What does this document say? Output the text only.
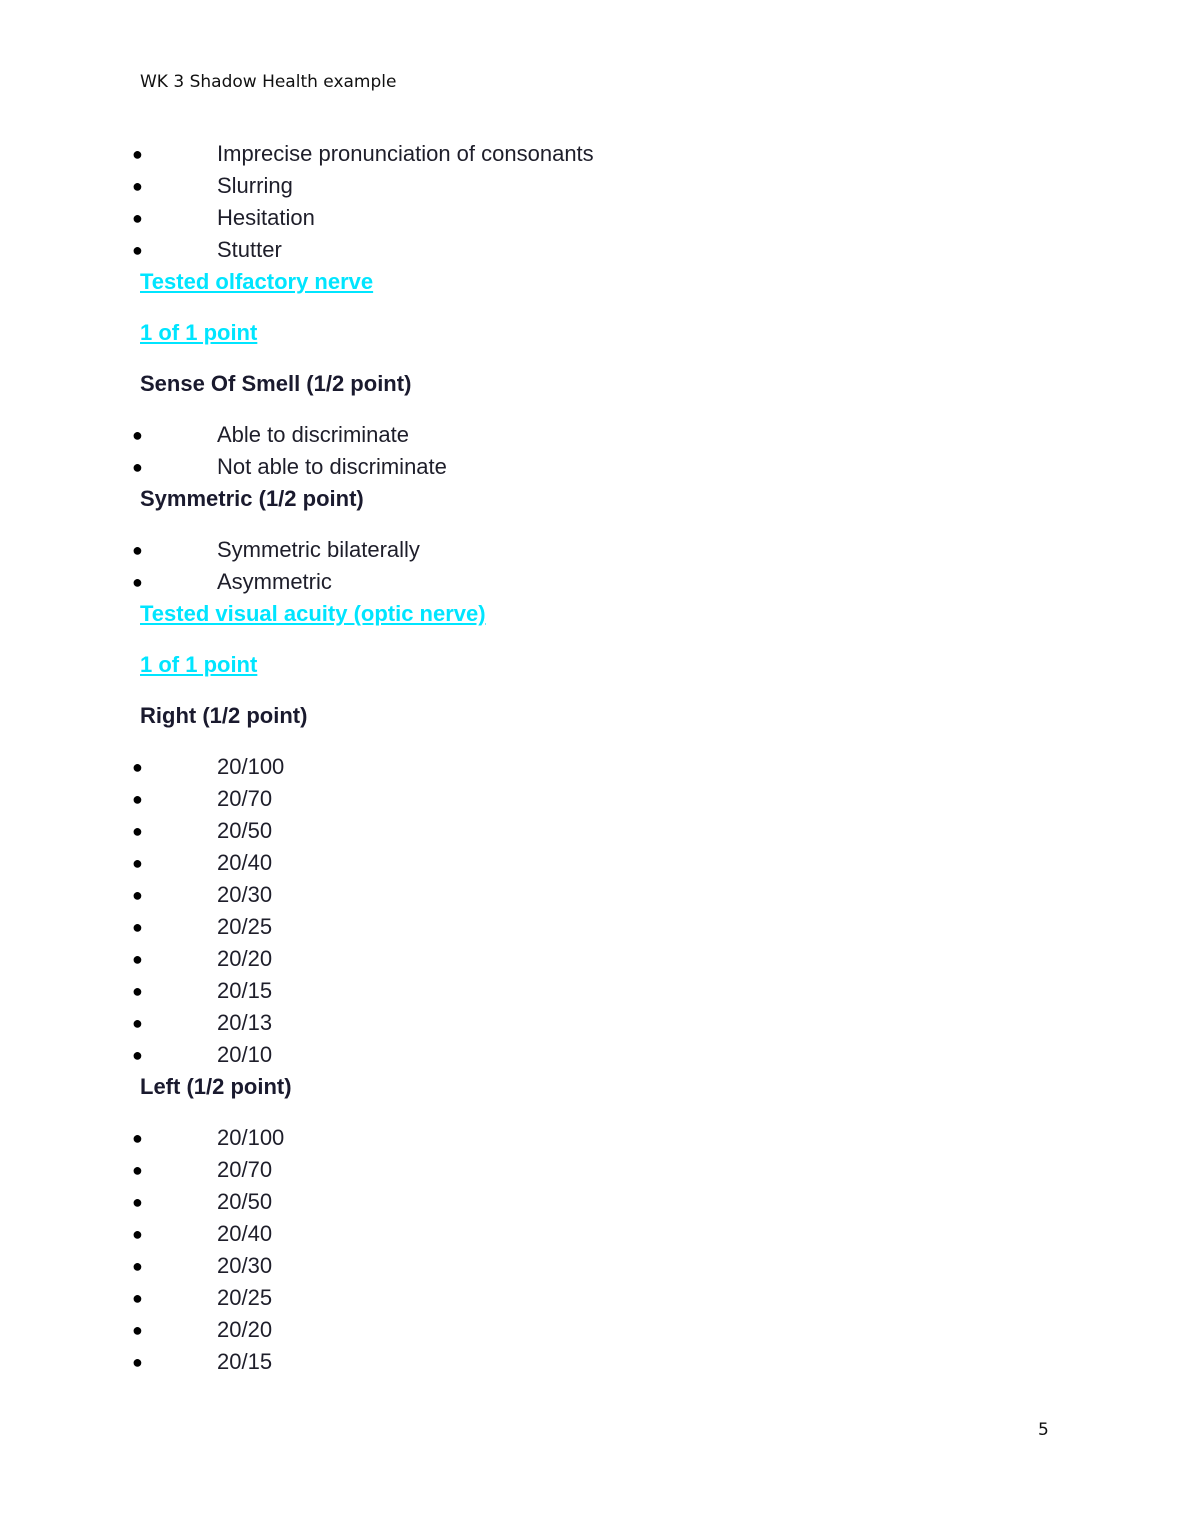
WK 3 Shadow Health example
●	Imprecise pronunciation of consonants
●	Slurring
●	Hesitation
●	Stutter
Tested olfactory nerve
1 of 1 point
Sense Of Smell (1/2 point)
●	Able to discriminate
●	Not able to discriminate
Symmetric (1/2 point)
●	Symmetric bilaterally
●	Asymmetric
Tested visual acuity (optic nerve)
1 of 1 point
Right (1/2 point)
●	20/100
●	20/70
●	20/50
●	20/40
●	20/30
●	20/25
●	20/20
●	20/15
●	20/13
●	20/10
Left (1/2 point)
●	20/100
●	20/70
●	20/50
●	20/40
●	20/30
●	20/25
●	20/20
●	20/15
5
